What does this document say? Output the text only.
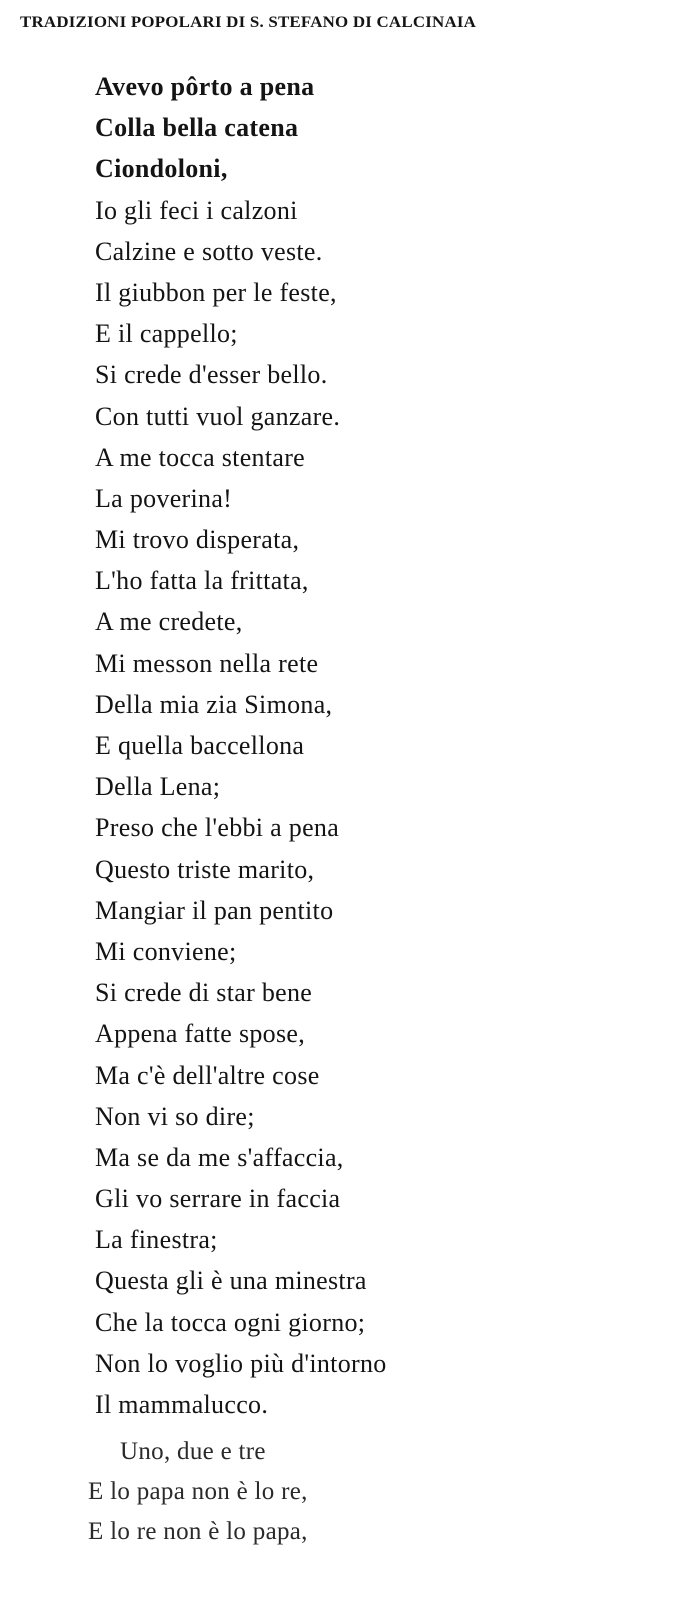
TRADIZIONI POPOLARI DI S. STEFANO DI CALCINAIA
Avevo pôrto a pena
Colla bella catena
Ciondoloni,
Io gli feci i calzoni
Calzine e sotto veste.
Il giubbon per le feste,
E il cappello;
Si crede d'esser bello.
Con tutti vuol ganzare.
A me tocca stentare
La poverina!
Mi trovo disperata,
L'ho fatta la frittata,
A me credete,
Mi messon nella rete
Della mia zia Simona,
E quella baccellona
Della Lena;
Preso che l'ebbi a pena
Questo triste marito,
Mangiar il pan pentito
Mi conviene;
Si crede di star bene
Appena fatte spose,
Ma c'è dell'altre cose
Non vi so dire;
Ma se da me s'affaccia,
Gli vo serrare in faccia
La finestra;
Questa gli è una minestra
Che la tocca ogni giorno;
Non lo voglio più d'intorno
Il mammalucco.
Uno, due e tre
E lo papa non è lo re,
E lo re non è lo papa,
